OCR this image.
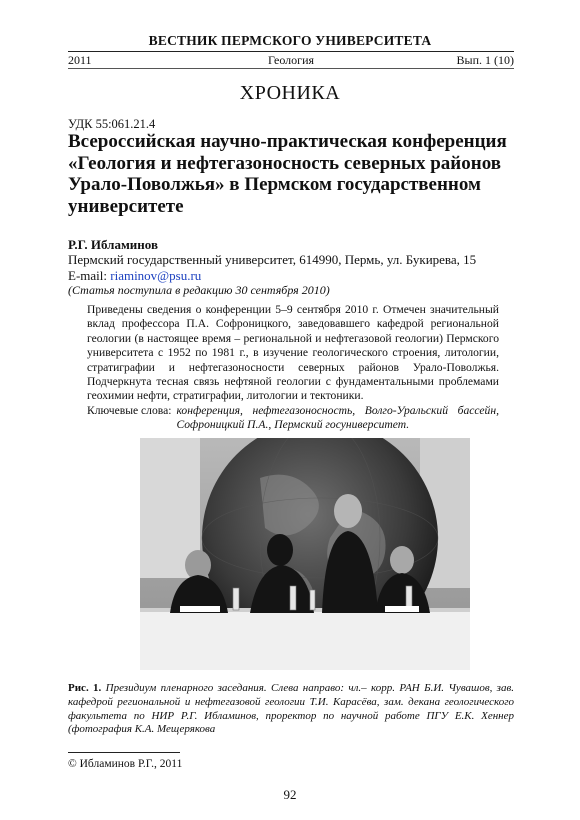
ВЕСТНИК ПЕРМСКОГО УНИВЕРСИТЕТА
2011	Геология	Вып. 1 (10)
ХРОНИКА
УДК 55:061.21.4
Всероссийская научно-практическая конференция «Геология и нефтегазоносность северных районов Урало-Поволжья» в Пермском государственном университете
Р.Г. Ибламинов
Пермский государственный университет, 614990, Пермь, ул. Букирева, 15
E-mail: riaminov@psu.ru
(Статья поступила в редакцию 30 сентября 2010)

Приведены сведения о конференции 5–9 сентября 2010 г. Отмечен значительный вклад профессора П.А. Софроницкого, заведовавшего кафедрой региональной геологии (в настоящее время – региональной и нефтегазовой геологии) Пермского университета с 1952 по 1981 г., в изучение геологического строения, литологии, стратиграфии и нефтегазоносности северных районов Урало-Поволжья. Подчеркнута тесная связь нефтяной геологии с фундаментальными проблемами геохимии нефти, стратиграфии, литологии и тектоники.

Ключевые слова: конференция, нефтегазоносность, Волго-Уральский бассейн, Софроницкий П.А., Пермский госуниверситет.
Рис. 1. Президиум пленарного заседания. Слева направо: чл.– корр. РАН Б.И. Чувашов, зав. кафедрой региональной и нефтегазовой геологии Т.И. Карасёва, зам. декана геологического факультета по НИР Р.Г. Ибламинов, проректор по научной работе ПГУ Е.К. Хеннер (фотография К.А. Мещерякова
© Ибламинов Р.Г., 2011
92
